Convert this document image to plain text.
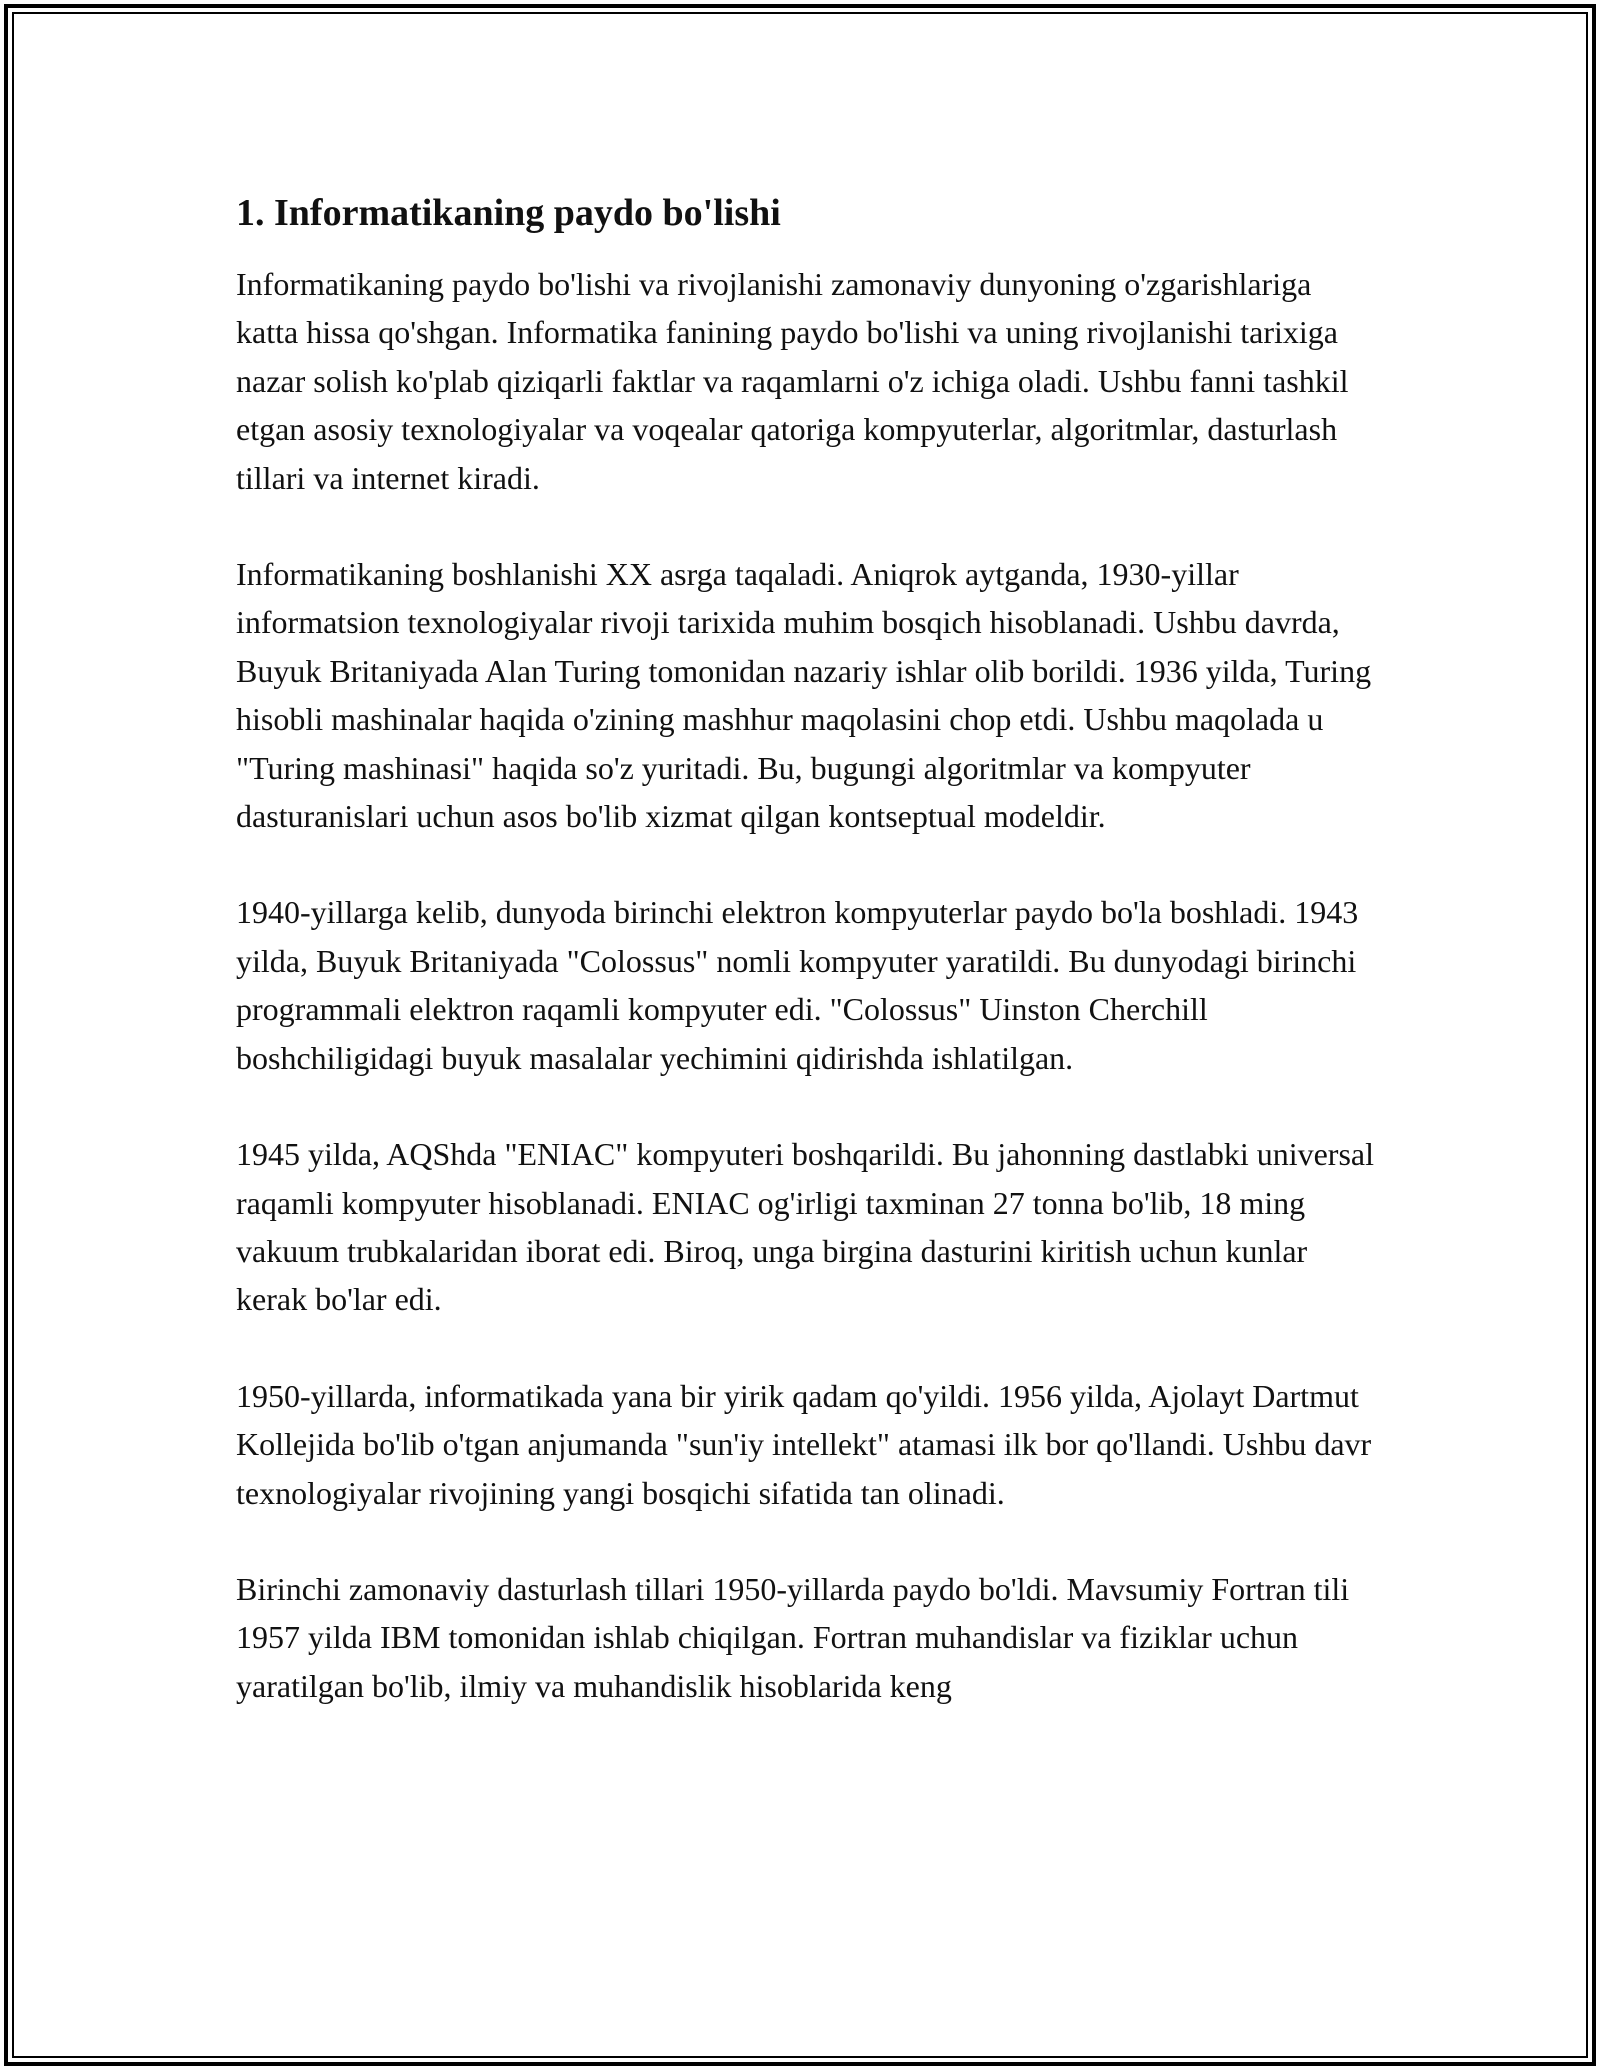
1. Informatikaning paydo bo'lishi

Informatikaning paydo bo'lishi va rivojlanishi zamonaviy dunyoning o'zgarishlariga katta hissa qo'shgan. Informatika fanining paydo bo'lishi va uning rivojlanishi tarixiga nazar solish ko'plab qiziqarli faktlar va raqamlarni o'z ichiga oladi. Ushbu fanni tashkil etgan asosiy texnologiyalar va voqealar qatoriga kompyuterlar, algoritmlar, dasturlash tillari va internet kiradi.

Informatikaning boshlanishi XX asrga taqaladi. Aniqrok aytganda, 1930-yillar informatsion texnologiyalar rivoji tarixida muhim bosqich hisoblanadi. Ushbu davrda, Buyuk Britaniyada Alan Turing tomonidan nazariy ishlar olib borildi. 1936 yilda, Turing hisobli mashinalar haqida o'zining mashhur maqolasini chop etdi. Ushbu maqolada u "Turing mashinasi" haqida so'z yuritadi. Bu, bugungi algoritmlar va kompyuter dasturanislari uchun asos bo'lib xizmat qilgan kontseptual modeldir.

1940-yillarga kelib, dunyoda birinchi elektron kompyuterlar paydo bo'la boshladi. 1943 yilda, Buyuk Britaniyada "Colossus" nomli kompyuter yaratildi. Bu dunyodagi birinchi programmali elektron raqamli kompyuter edi. "Colossus" Uinston Cherchill boshchiligidagi buyuk masalalar yechimini qidirishda ishlatilgan.

1945 yilda, AQShda "ENIAC" kompyuteri boshqarildi. Bu jahonning dastlabki universal raqamli kompyuter hisoblanadi. ENIAC og'irligi taxminan 27 tonna bo'lib, 18 ming vakuum trubkalaridan iborat edi. Biroq, unga birgina dasturini kiritish uchun kunlar kerak bo'lar edi.

1950-yillarda, informatikada yana bir yirik qadam qo'yildi. 1956 yilda, Ajolayt Dartmut Kollejida bo'lib o'tgan anjumanda "sun'iy intellekt" atamasi ilk bor qo'llandi. Ushbu davr texnologiyalar rivojining yangi bosqichi sifatida tan olinadi.

Birinchi zamonaviy dasturlash tillari 1950-yillarda paydo bo'ldi. Mavsumiy Fortran tili 1957 yilda IBM tomonidan ishlab chiqilgan. Fortran muhandislar va fiziklar uchun yaratilgan bo'lib, ilmiy va muhandislik hisoblarida keng
